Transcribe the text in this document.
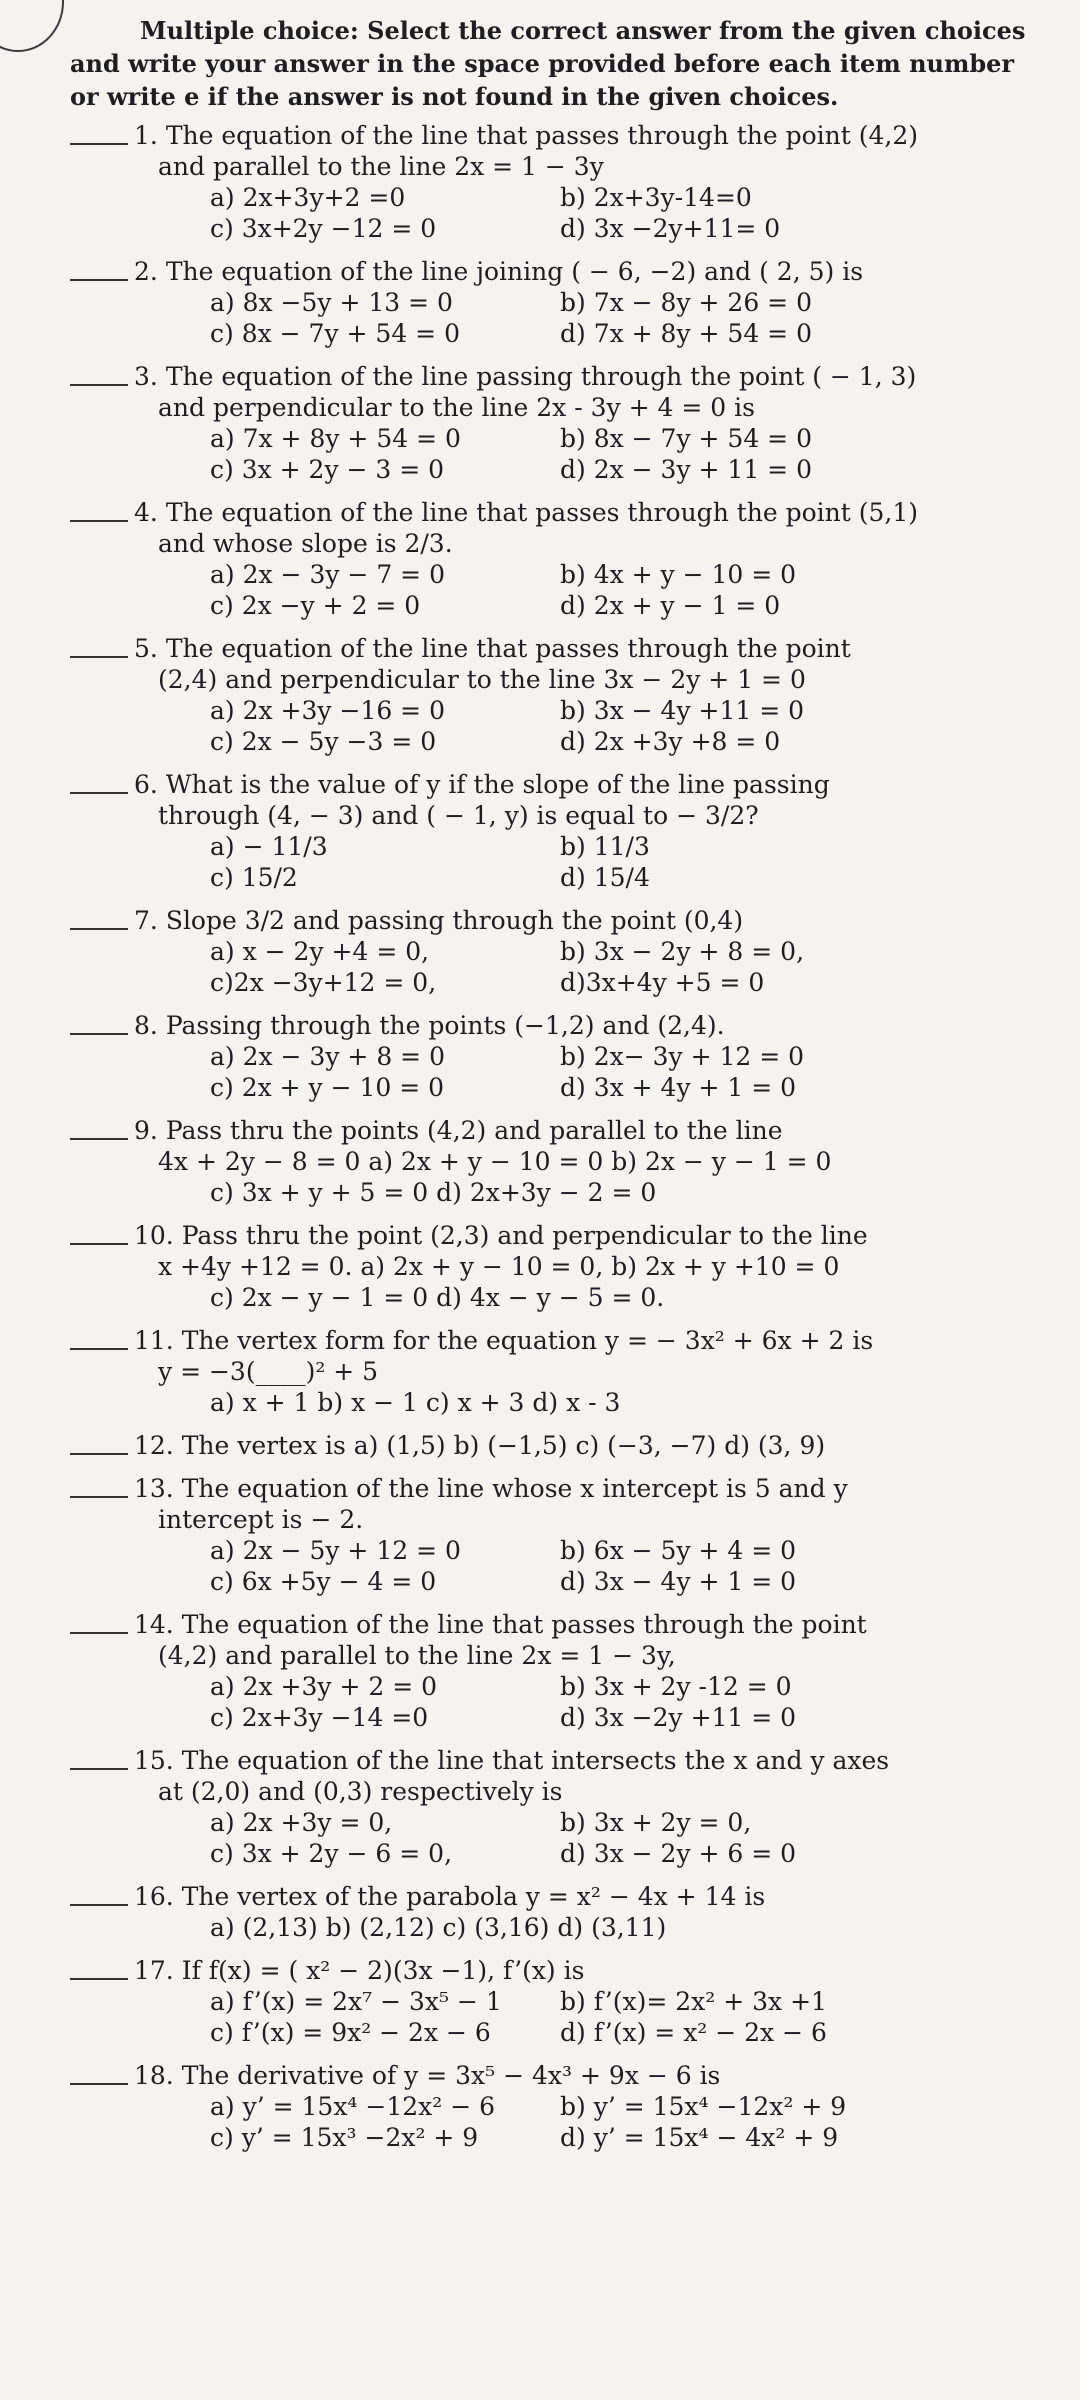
Multiple choice: Select the correct answer from the given choices
and write your answer in the space provided before each item number
or write e if the answer is not found in the given choices.
1. The equation of the line that passes through the point (4,2)
and parallel to the line 2x = 1 − 3y
a) 2x+3y+2 =0	b) 2x+3y-14=0
c) 3x+2y −12 = 0	d) 3x −2y+11= 0
2. The equation of the line joining ( − 6, −2) and ( 2, 5) is
a) 8x −5y + 13 = 0	b) 7x − 8y + 26 = 0
c) 8x − 7y + 54 = 0	d) 7x + 8y + 54 = 0
3. The equation of the line passing through the point ( − 1, 3)
and perpendicular to the line 2x - 3y + 4 = 0 is
a) 7x + 8y + 54 = 0	b) 8x − 7y + 54 = 0
c) 3x + 2y − 3 = 0	d) 2x − 3y + 11 = 0
4. The equation of the line that passes through the point (5,1)
and whose slope is 2/3.
a) 2x − 3y − 7 = 0	b) 4x + y − 10 = 0
c) 2x −y + 2 = 0	d) 2x + y − 1 = 0
5. The equation of the line that passes through the point
(2,4) and perpendicular to the line 3x − 2y + 1 = 0
a) 2x +3y −16 = 0	b) 3x − 4y +11 = 0
c) 2x − 5y −3 = 0	d) 2x +3y +8 = 0
6. What is the value of y if the slope of the line passing
through (4, − 3) and ( − 1, y) is equal to − 3/2?
a) − 11/3	b) 11/3
c) 15/2	d) 15/4
7. Slope 3/2 and passing through the point (0,4)
a) x − 2y +4 = 0,	b) 3x − 2y + 8 = 0,
c)2x −3y+12 = 0,	d)3x+4y +5 = 0
8. Passing through the points (−1,2) and (2,4).
a) 2x − 3y + 8 = 0	b) 2x− 3y + 12 = 0
c) 2x + y − 10 = 0	d) 3x + 4y + 1 = 0
9. Pass thru the points (4,2) and parallel to the line
4x + 2y − 8 = 0 a) 2x + y − 10 = 0 b) 2x − y − 1 = 0
c) 3x + y + 5 = 0 d) 2x+3y − 2 = 0
10. Pass thru the point (2,3) and perpendicular to the line
x +4y +12 = 0. a) 2x + y − 10 = 0, b) 2x + y +10 = 0
c) 2x − y − 1 = 0 d) 4x − y − 5 = 0.
11. The vertex form for the equation y = − 3x² + 6x + 2 is
y = −3(____)² + 5
a) x + 1 b) x − 1 c) x + 3 d) x - 3
12. The vertex is a) (1,5) b) (−1,5) c) (−3, −7) d) (3, 9)
13. The equation of the line whose x intercept is 5 and y
intercept is − 2.
a) 2x − 5y + 12 = 0	b) 6x − 5y + 4 = 0
c) 6x +5y − 4 = 0	d) 3x − 4y + 1 = 0
14. The equation of the line that passes through the point
(4,2) and parallel to the line 2x = 1 − 3y,
a) 2x +3y + 2 = 0	b) 3x + 2y -12 = 0
c) 2x+3y −14 =0	d) 3x −2y +11 = 0
15. The equation of the line that intersects the x and y axes
at (2,0) and (0,3) respectively is
a) 2x +3y = 0,	b) 3x + 2y = 0,
c) 3x + 2y − 6 = 0,	d) 3x − 2y + 6 = 0
16. The vertex of the parabola y = x² − 4x + 14 is
a) (2,13) b) (2,12) c) (3,16) d) (3,11)
17. If f(x) = ( x² − 2)(3x −1), f’(x) is
a) f’(x) = 2x⁷ − 3x⁵ − 1	b) f’(x)= 2x² + 3x +1
c) f’(x) = 9x² − 2x − 6	d) f’(x) = x² − 2x − 6
18. The derivative of y = 3x⁵ − 4x³ + 9x − 6 is
a) y’ = 15x⁴ −12x² − 6	b) y’ = 15x⁴ −12x² + 9
c) y’ = 15x³ −2x² + 9	d) y’ = 15x⁴ − 4x² + 9
